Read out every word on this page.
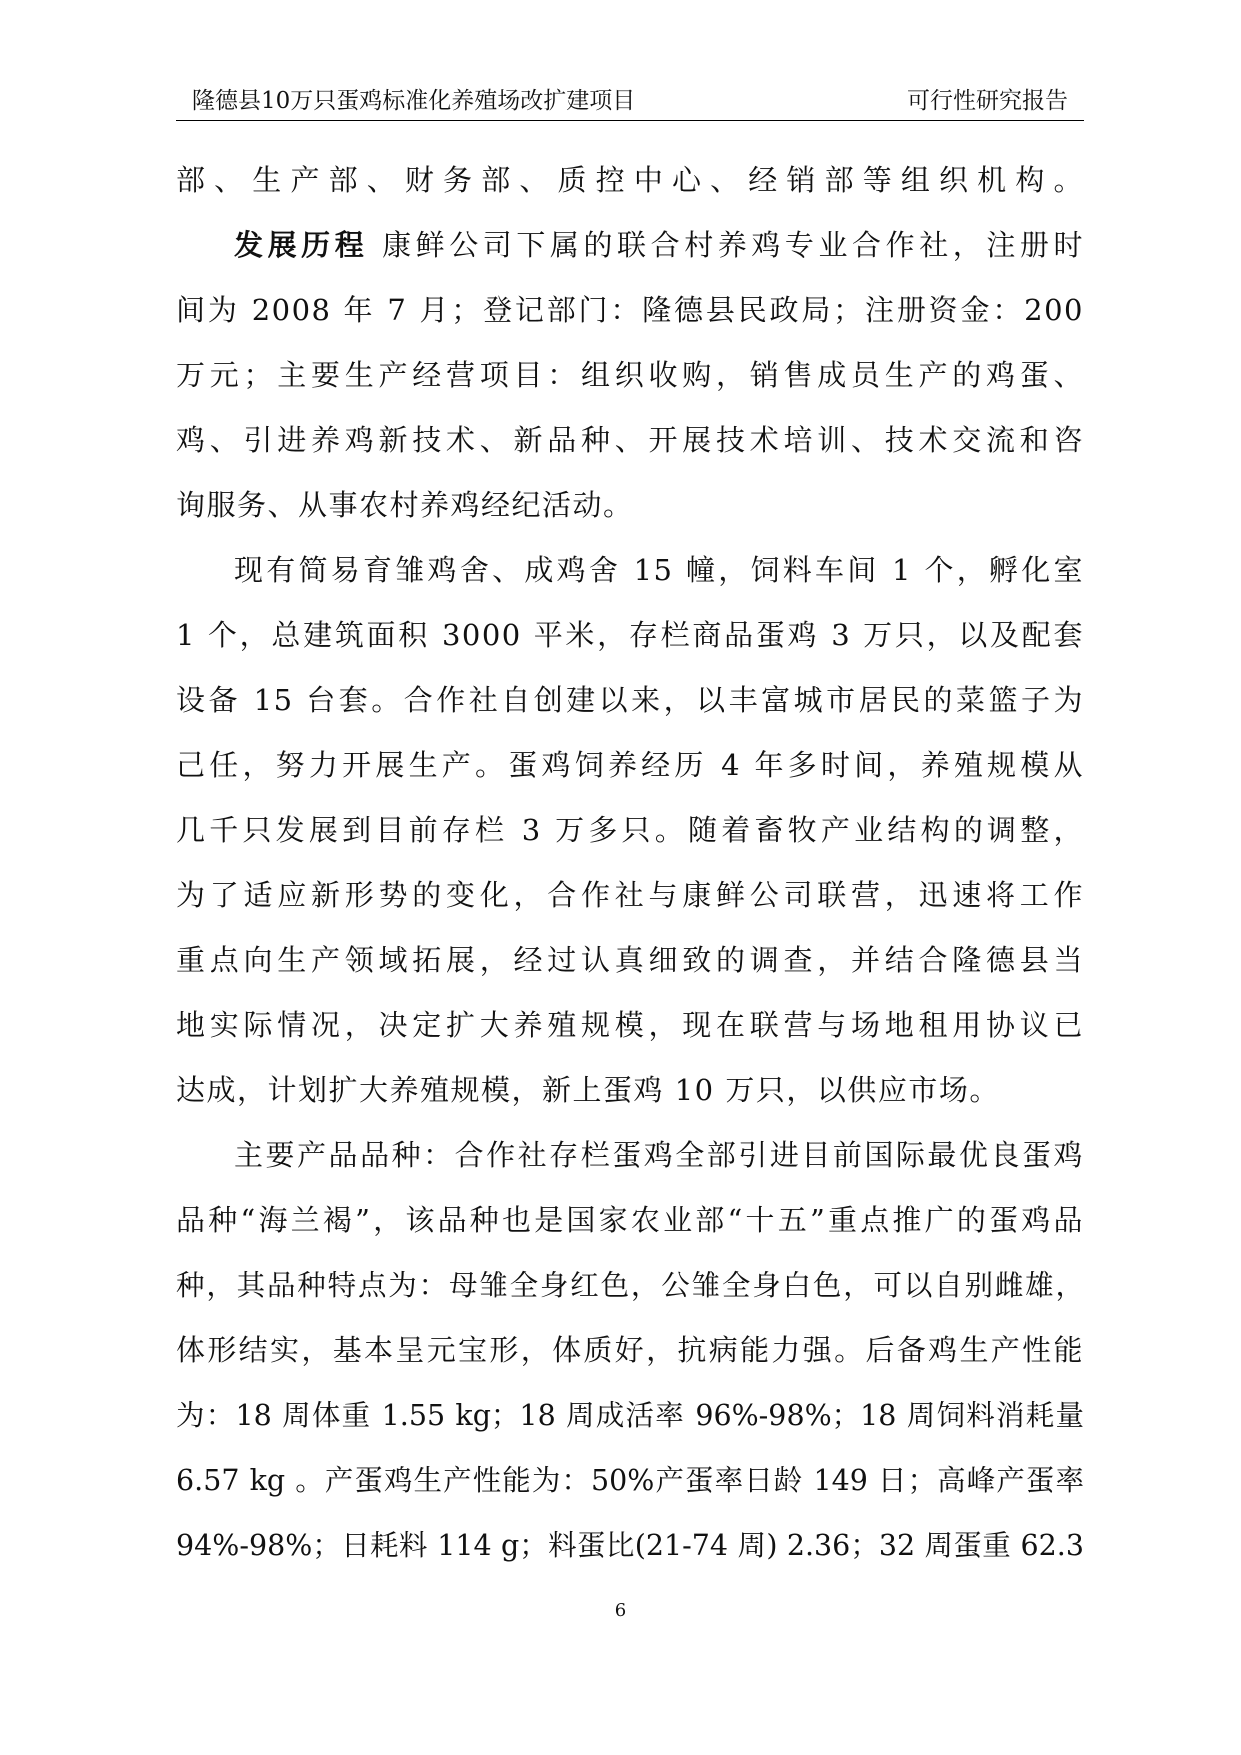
隆德县10万只蛋鸡标准化养殖场改扩建项目	可行性研究报告
部、生产部、财务部、质控中心、经销部等组织机构。
发展历程 康鲜公司下属的联合村养鸡专业合作社，注册时
间为 2008 年 7 月；登记部门：隆德县民政局；注册资金：200
万元；主要生产经营项目：组织收购，销售成员生产的鸡蛋、
鸡、引进养鸡新技术、新品种、开展技术培训、技术交流和咨
询服务、从事农村养鸡经纪活动。
现有简易育雏鸡舍、成鸡舍 15 幢，饲料车间 1 个，孵化室
1 个，总建筑面积 3000 平米，存栏商品蛋鸡 3 万只，以及配套
设备 15 台套。合作社自创建以来，以丰富城市居民的菜篮子为
己任，努力开展生产。蛋鸡饲养经历 4 年多时间，养殖规模从
几千只发展到目前存栏 3 万多只。随着畜牧产业结构的调整，
为了适应新形势的变化，合作社与康鲜公司联营，迅速将工作
重点向生产领域拓展，经过认真细致的调查，并结合隆德县当
地实际情况，决定扩大养殖规模，现在联营与场地租用协议已
达成，计划扩大养殖规模，新上蛋鸡 10 万只，以供应市场。
主要产品品种：合作社存栏蛋鸡全部引进目前国际最优良蛋鸡
品种“海兰褐”，该品种也是国家农业部“十五”重点推广的蛋鸡品
种，其品种特点为：母雏全身红色，公雏全身白色，可以自别雌雄，
体形结实，基本呈元宝形，体质好，抗病能力强。后备鸡生产性能
为：18 周体重 1.55 kg；18 周成活率 96%-98%；18 周饲料消耗量
6.57 kg 。产蛋鸡生产性能为：50%产蛋率日龄 149 日；高峰产蛋率
94%-98%；日耗料 114 g；料蛋比(21-74 周) 2.36；32 周蛋重 62.3
6
